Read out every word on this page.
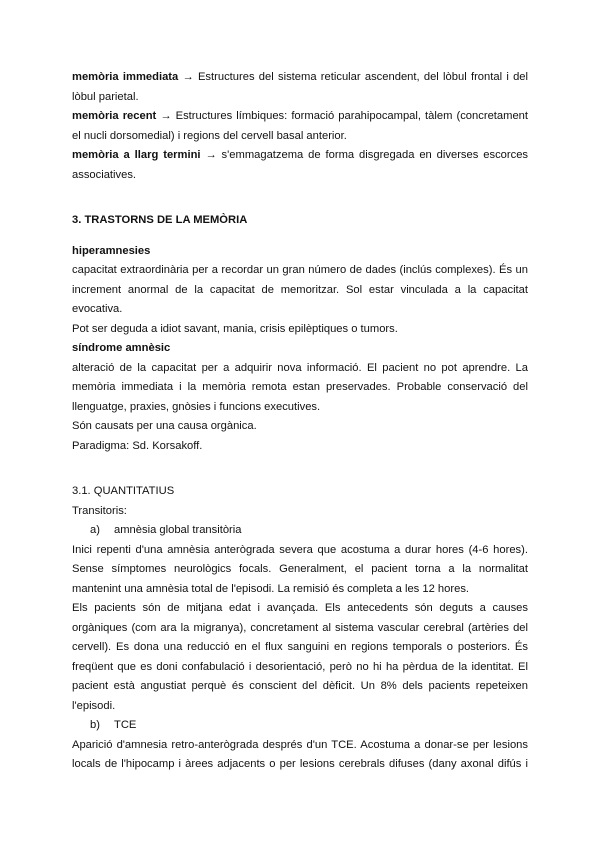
memòria immediata → Estructures del sistema reticular ascendent, del lòbul frontal i del
lòbul parietal.
memòria recent → Estructures límbiques: formació parahipocampal, tàlem (concretament
el nucli dorsomedial) i regions del cervell basal anterior.
memòria a llarg termini → s'emmagatzema de forma disgregada en diverses escorces
associatives.
3. TRASTORNS DE LA MEMÒRIA
hiperamnesies
capacitat extraordinària per a recordar un gran número de dades (inclús complexes). És un
increment anormal de la capacitat de memoritzar. Sol estar vinculada a la capacitat
evocativa.
Pot ser deguda a idiot savant, mania, crisis epilèptiques o tumors.
síndrome amnèsic
alteració de la capacitat per a adquirir nova informació. El pacient no pot aprendre. La
memòria immediata i la memòria remota estan preservades. Probable conservació del
llenguatge, praxies, gnòsies i funcions executives.
Són causats per una causa orgànica.
Paradigma: Sd. Korsakoff.
3.1. QUANTITATIUS
Transitoris:
a) amnèsia global transitòria
Inici repenti d'una amnèsia anterògrada severa que acostuma a durar hores (4-6 hores).
Sense símptomes neurològics focals. Generalment, el pacient torna a la normalitat
mantenint una amnèsia total de l'episodi. La remisió és completa a les 12 hores.
Els pacients són de mitjana edat i avançada. Els antecedents són deguts a causes
orgàniques (com ara la migranya), concretament al sistema vascular cerebral (artèries del
cervell). Es dona una reducció en el flux sanguini en regions temporals o posteriors. És
freqüent que es doni confabulació i desorientació, però no hi ha pèrdua de la identitat. El
pacient està angustiat perquè és conscient del dèficit. Un 8% dels pacients repeteixen
l'episodi.
b) TCE
Aparició d'amnesia retro-anterògrada després d'un TCE. Acostuma a donar-se per lesions
locals de l'hipocamp i àrees adjacents o per lesions cerebrals difuses (dany axonal difús i
